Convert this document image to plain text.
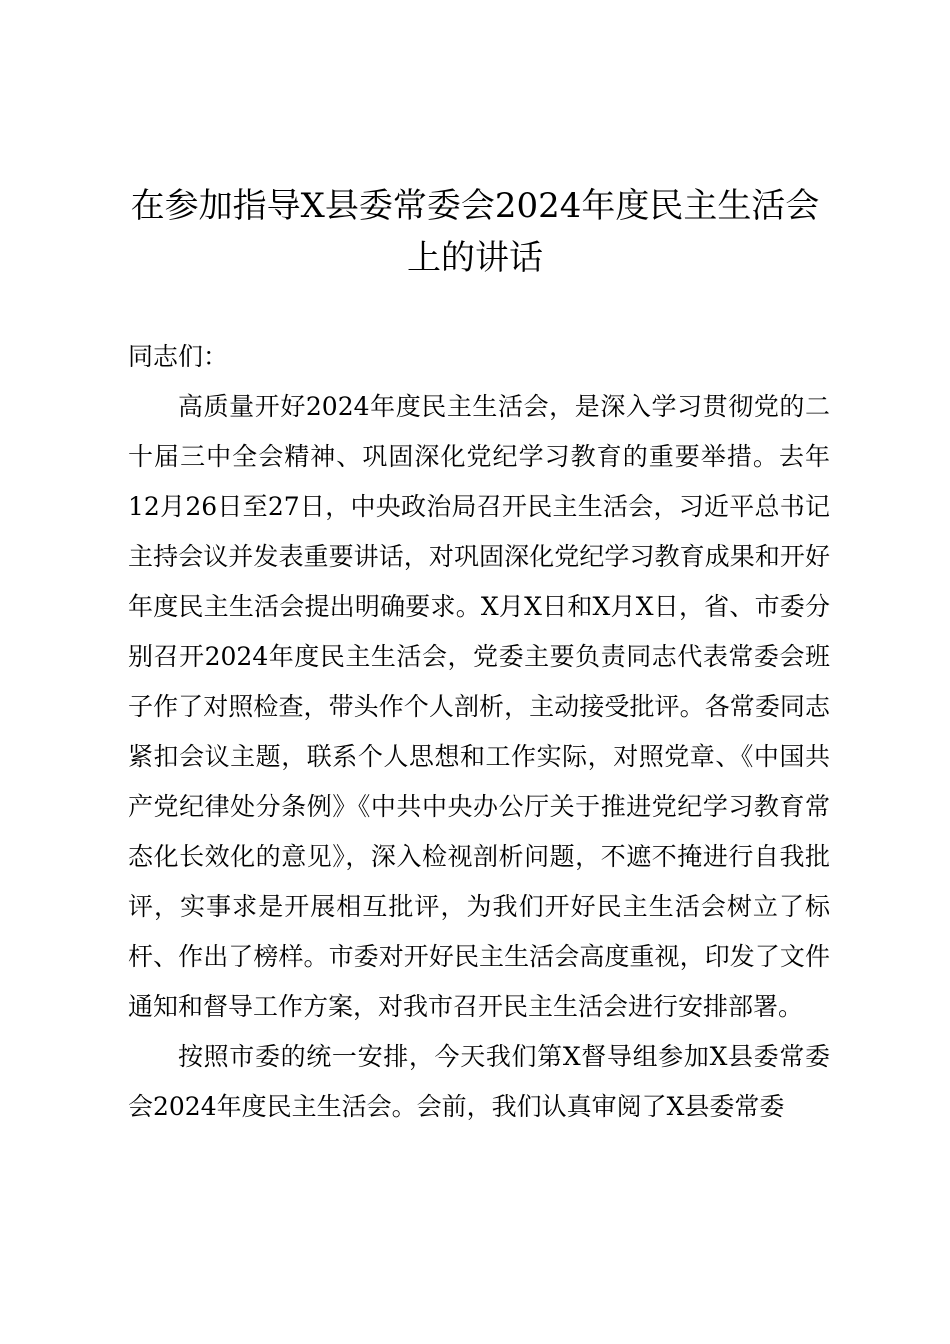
在参加指导X县委常委会2024年度民主生活会上的讲话

同志们：

高质量开好2024年度民主生活会，是深入学习贯彻党的二十届三中全会精神、巩固深化党纪学习教育的重要举措。去年12月26日至27日，中央政治局召开民主生活会，习近平总书记主持会议并发表重要讲话，对巩固深化党纪学习教育成果和开好年度民主生活会提出明确要求。X月X日和X月X日，省、市委分别召开2024年度民主生活会，党委主要负责同志代表常委会班子作了对照检查，带头作个人剖析，主动接受批评。各常委同志紧扣会议主题，联系个人思想和工作实际，对照党章、《中国共产党纪律处分条例》《中共中央办公厅关于推进党纪学习教育常态化长效化的意见》，深入检视剖析问题，不遮不掩进行自我批评，实事求是开展相互批评，为我们开好民主生活会树立了标杆、作出了榜样。市委对开好民主生活会高度重视，印发了文件通知和督导工作方案，对我市召开民主生活会进行安排部署。

按照市委的统一安排，今天我们第X督导组参加X县委常委会2024年度民主生活会。会前，我们认真审阅了X县委常委
